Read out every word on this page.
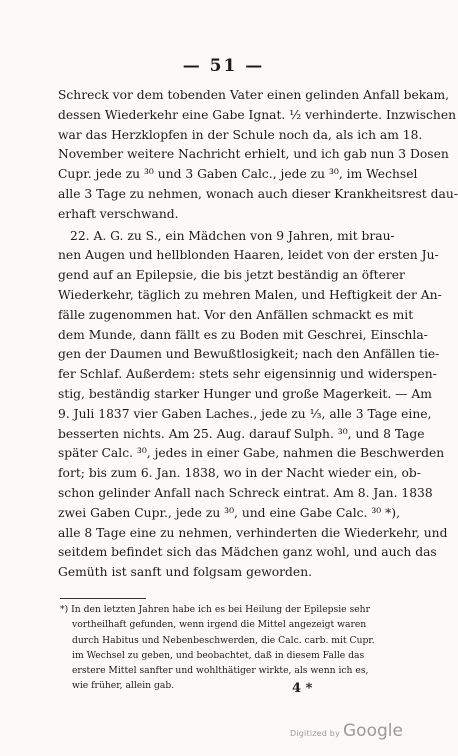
— 51 —
Schreck vor dem tobenden Vater einen gelinden Anfall bekam,
dessen Wiederkehr eine Gabe Ignat. ½ verhinderte. Inzwischen
war das Herzklopfen in der Schule noch da, als ich am 18.
November weitere Nachricht erhielt, und ich gab nun 3 Dosen
Cupr. jede zu ³⁰ und 3 Gaben Calc., jede zu ³⁰, im Wechsel
alle 3 Tage zu nehmen, wonach auch dieser Krankheitsrest dau-
erhaft verschwand.
22. A. G. zu S., ein Mädchen von 9 Jahren, mit brau-
nen Augen und hellblonden Haaren, leidet von der ersten Ju-
gend auf an Epilepsie, die bis jetzt beständig an öfterer
Wiederkehr, täglich zu mehren Malen, und Heftigkeit der An-
fälle zugenommen hat. Vor den Anfällen schmackt es mit
dem Munde, dann fällt es zu Boden mit Geschrei, Einschla-
gen der Daumen und Bewußtlosigkeit; nach den Anfällen tie-
fer Schlaf. Außerdem: stets sehr eigensinnig und widerspen-
stig, beständig starker Hunger und große Magerkeit. — Am
9. Juli 1837 vier Gaben Laches., jede zu ⅓, alle 3 Tage eine,
besserten nichts. Am 25. Aug. darauf Sulph. ³⁰, und 8 Tage
später Calc. ³⁰, jedes in einer Gabe, nahmen die Beschwerden
fort; bis zum 6. Jan. 1838, wo in der Nacht wieder ein, ob-
schon gelinder Anfall nach Schreck eintrat. Am 8. Jan. 1838
zwei Gaben Cupr., jede zu ³⁰, und eine Gabe Calc. ³⁰ *),
alle 8 Tage eine zu nehmen, verhinderten die Wiederkehr, und
seitdem befindet sich das Mädchen ganz wohl, und auch das
Gemüth ist sanft und folgsam geworden.
*) In den letzten Jahren habe ich es bei Heilung der Epilepsie sehr
vortheilhaft gefunden, wenn irgend die Mittel angezeigt waren
durch Habitus und Nebenbeschwerden, die Calc. carb. mit Cupr.
im Wechsel zu geben, und beobachtet, daß in diesem Falle das
erstere Mittel sanfter und wohlthätiger wirkte, als wenn ich es,
wie früher, allein gab.	4 *
Digitized by Google
